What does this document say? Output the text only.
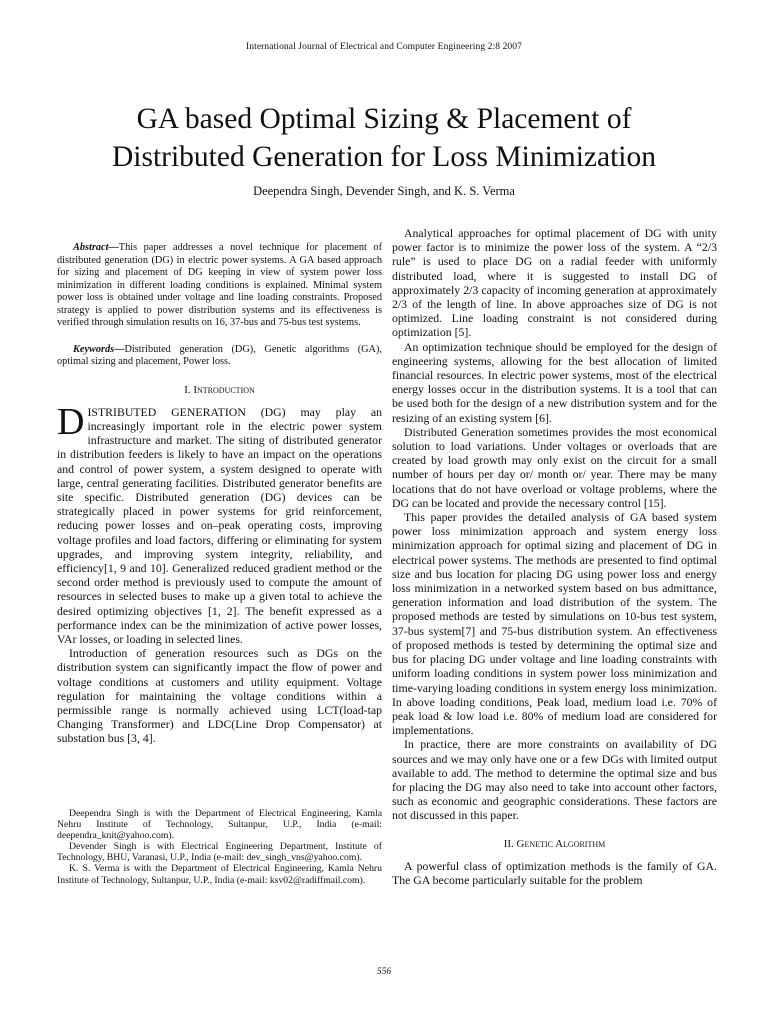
International Journal of Electrical and Computer Engineering 2:8 2007
GA based Optimal Sizing & Placement of
Distributed Generation for Loss Minimization
Deependra Singh, Devender Singh, and K. S. Verma

Abstract—This paper addresses a novel technique for placement of distributed generation (DG) in electric power systems. A GA based approach for sizing and placement of DG keeping in view of system power loss minimization in different loading conditions is explained. Minimal system power loss is obtained under voltage and line loading constraints. Proposed strategy is applied to power distribution systems and its effectiveness is verified through simulation results on 16, 37-bus and 75-bus test systems.

Keywords—Distributed generation (DG), Genetic algorithms (GA), optimal sizing and placement, Power loss.

I. Introduction

DISTRIBUTED GENERATION (DG) may play an increasingly important role in the electric power system infrastructure and market. The siting of distributed generator in distribution feeders is likely to have an impact on the operations and control of power system, a system designed to operate with large, central generating facilities. Distributed generator benefits are site specific. Distributed generation (DG) devices can be strategically placed in power systems for grid reinforcement, reducing power losses and on–peak operating costs, improving voltage profiles and load factors, differing or eliminating for system upgrades, and improving system integrity, reliability, and efficiency[1, 9 and 10]. Generalized reduced gradient method or the second order method is previously used to compute the amount of resources in selected buses to make up a given total to achieve the desired optimizing objectives [1, 2]. The benefit expressed as a performance index can be the minimization of active power losses, VAr losses, or loading in selected lines.

Introduction of generation resources such as DGs on the distribution system can significantly impact the flow of power and voltage conditions at customers and utility equipment. Voltage regulation for maintaining the voltage conditions within a permissible range is normally achieved using LCT(load-tap Changing Transformer) and LDC(Line Drop Compensator) at substation bus [3, 4].

Deependra Singh is with the Department of Electrical Engineering, Kamla Nehru Institute of Technology, Sultanpur, U.P., India (e-mail: deependra_knit@yahoo.com).

Devender Singh is with Electrical Engineering Department, Institute of Technology, BHU, Varanasi, U.P., India (e-mail: dev_singh_vns@yahoo.com).

K. S. Verma is with the Department of Electrical Engineering, Kamla Nehru Institute of Technology, Sultanpur, U.P., India (e-mail: ksv02@radiffmail.com).

Analytical approaches for optimal placement of DG with unity power factor is to minimize the power loss of the system. A “2/3 rule” is used to place DG on a radial feeder with uniformly distributed load, where it is suggested to install DG of approximately 2/3 capacity of incoming generation at approximately 2/3 of the length of line. In above approaches size of DG is not optimized. Line loading constraint is not considered during optimization [5].

An optimization technique should be employed for the design of engineering systems, allowing for the best allocation of limited financial resources. In electric power systems, most of the electrical energy losses occur in the distribution systems. It is a tool that can be used both for the design of a new distribution system and for the resizing of an existing system [6].

Distributed Generation sometimes provides the most economical solution to load variations. Under voltages or overloads that are created by load growth may only exist on the circuit for a small number of hours per day or/ month or/ year. There may be many locations that do not have overload or voltage problems, where the DG can be located and provide the necessary control [15].

This paper provides the detailed analysis of GA based system power loss minimization approach and system energy loss minimization approach for optimal sizing and placement of DG in electrical power systems. The methods are presented to find optimal size and bus location for placing DG using power loss and energy loss minimization in a networked system based on bus admittance, generation information and load distribution of the system. The proposed methods are tested by simulations on 10-bus test system, 37-bus system[7] and 75-bus distribution system. An effectiveness of proposed methods is tested by determining the optimal size and bus for placing DG under voltage and line loading constraints with uniform loading conditions in system power loss minimization and time-varying loading conditions in system energy loss minimization. In above loading conditions, Peak load, medium load i.e. 70% of peak load & low load i.e. 80% of medium load are considered for implementations.

In practice, there are more constraints on availability of DG sources and we may only have one or a few DGs with limited output available to add. The method to determine the optimal size and bus for placing the DG may also need to take into account other factors, such as economic and geographic considerations. These factors are not discussed in this paper.

II. Genetic Algorithm

A powerful class of optimization methods is the family of GA. The GA become particularly suitable for the problem

556
